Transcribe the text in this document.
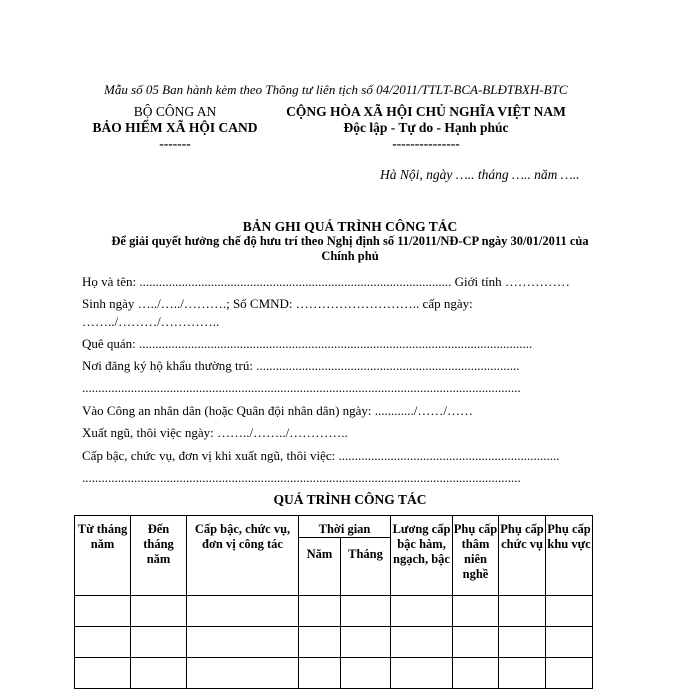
Mẫu số 05 Ban hành kèm theo Thông tư liên tịch số 04/2011/TTLT-BCA-BLĐTBXH-BTC
BỘ CÔNG AN
BẢO HIỂM XÃ HỘI CAND
-------
CỘNG HÒA XÃ HỘI CHỦ NGHĨA VIỆT NAM
Độc lập - Tự do - Hạnh phúc
---------------
Hà Nội, ngày ….. tháng ….. năm …..
BẢN GHI QUÁ TRÌNH CÔNG TÁC
Để giải quyết hưởng chế độ hưu trí theo Nghị định số 11/2011/NĐ-CP ngày 30/01/2011 của
Chính phủ
Họ và tên: ................................................................................................ Giới tính ……………
Sinh ngày …../…../……….; Số CMND: ……………………….. cấp ngày:
……../………/…………..
Quê quán: .........................................................................................................................
Nơi đăng ký hộ khẩu thường trú: .................................................................................
.......................................................................................................................................
Vào Công an nhân dân (hoặc Quân đội nhân dân) ngày: ............/……/……
Xuất ngũ, thôi việc ngày: ……../……../…………..
Cấp bậc, chức vụ, đơn vị khi xuất ngũ, thôi việc: ....................................................................
.......................................................................................................................................
QUÁ TRÌNH CÔNG TÁC
Từ tháng năm	Đến tháng năm	Cấp bậc, chức vụ, đơn vị công tác	Thời gian		Lương cấp bậc hàm, ngạch, bậc	Phụ cấp thâm niên nghề	Phụ cấp chức vụ	Phụ cấp khu vực
			Năm	Tháng				
